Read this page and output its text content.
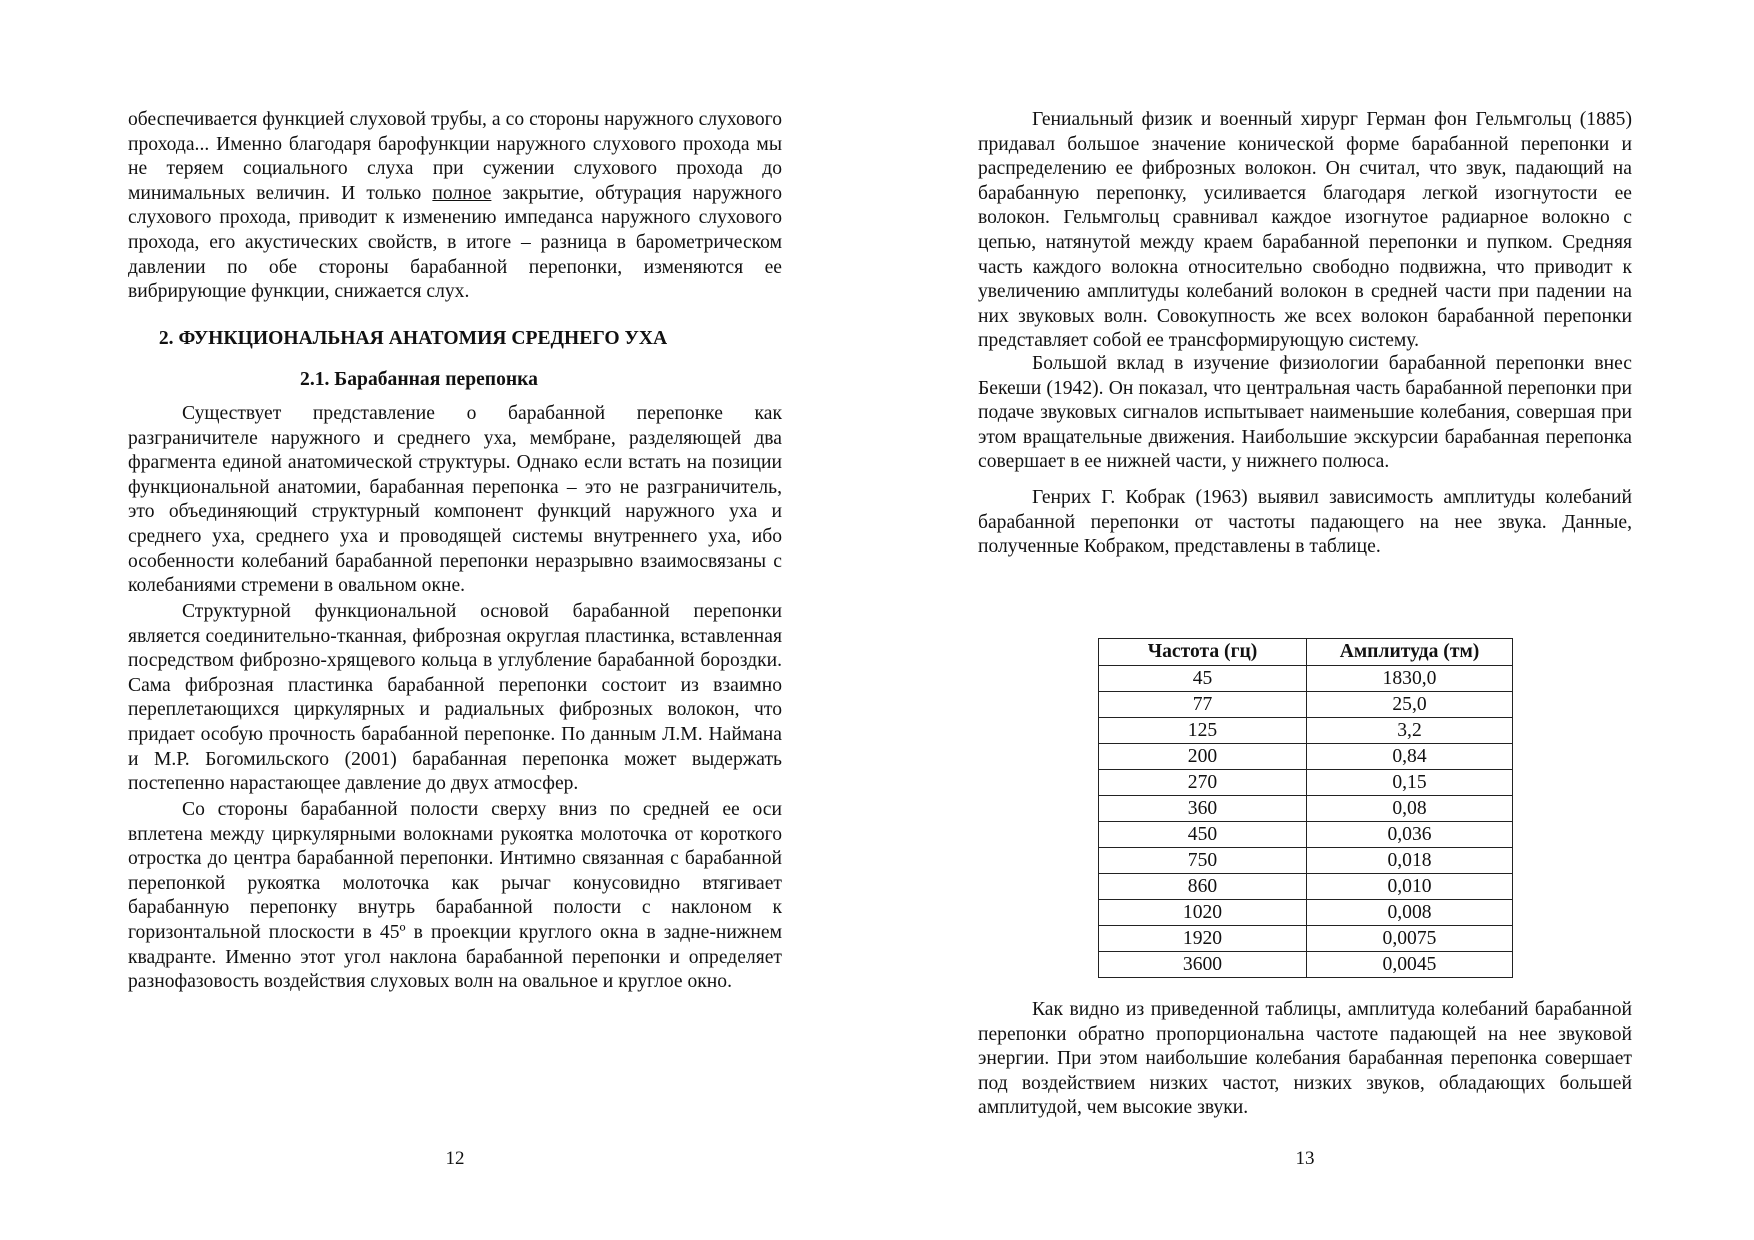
обеспечивается функцией слуховой трубы, а со стороны наружного слухового прохода... Именно благодаря барофункции наружного слухового прохода мы не теряем социального слуха при сужении слухового прохода до минимальных величин. И только полное закрытие, обтурация наружного слухового прохода, приводит к изменению импеданса наружного слухового прохода, его акустических свойств, в итоге – разница в барометрическом давлении по обе стороны барабанной перепонки, изменяются ее вибрирующие функции, снижается слух.

2. ФУНКЦИОНАЛЬНАЯ АНАТОМИЯ СРЕДНЕГО УХА
2.1. Барабанная перепонка

Существует представление о барабанной перепонке как разграничителе наружного и среднего уха, мембране, разделяющей два фрагмента единой анатомической структуры. Однако если встать на позиции функциональной анатомии, барабанная перепонка – это не разграничитель, это объединяющий структурный компонент функций наружного уха и среднего уха, среднего уха и проводящей системы внутреннего уха, ибо особенности колебаний барабанной перепонки неразрывно взаимосвязаны с колебаниями стремени в овальном окне.

Структурной функциональной основой барабанной перепонки является соединительно-тканная, фиброзная округлая пластинка, вставленная посредством фиброзно-хрящевого кольца в углубление барабанной бороздки. Сама фиброзная пластинка барабанной перепонки состоит из взаимно переплетающихся циркулярных и радиальных фиброзных волокон, что придает особую прочность барабанной перепонке. По данным Л.М. Наймана и М.Р. Богомильского (2001) барабанная перепонка может выдержать постепенно нарастающее давление до двух атмосфер.

Со стороны барабанной полости сверху вниз по средней ее оси вплетена между циркулярными волокнами рукоятка молоточка от короткого отростка до центра барабанной перепонки. Интимно связанная с барабанной перепонкой рукоятка молоточка как рычаг конусовидно втягивает барабанную перепонку внутрь барабанной полости с наклоном к горизонтальной плоскости в 45º в проекции круглого окна в задне-нижнем квадранте. Именно этот угол наклона барабанной перепонки и определяет разнофазовость воздействия слуховых волн на овальное и круглое окно.

12

Гениальный физик и военный хирург Герман фон Гельмгольц (1885) придавал большое значение конической форме барабанной перепонки и распределению ее фиброзных волокон. Он считал, что звук, падающий на барабанную перепонку, усиливается благодаря легкой изогнутости ее волокон. Гельмгольц сравнивал каждое изогнутое радиарное волокно с цепью, натянутой между краем барабанной перепонки и пупком. Средняя часть каждого волокна относительно свободно подвижна, что приводит к увеличению амплитуды колебаний волокон в средней части при падении на них звуковых волн. Совокупность же всех волокон барабанной перепонки представляет собой ее трансформирующую систему.

Большой вклад в изучение физиологии барабанной перепонки внес Бекеши (1942). Он показал, что центральная часть барабанной перепонки при подаче звуковых сигналов испытывает наименьшие колебания, совершая при этом вращательные движения. Наибольшие экскурсии барабанная перепонка совершает в ее нижней части, у нижнего полюса.

Генрих Г. Кобрак (1963) выявил зависимость амплитуды колебаний барабанной перепонки от частоты падающего на нее звука. Данные, полученные Кобраком, представлены в таблице.

Частота (гц)	Амплитуда (тм)
45	1830,0
77	25,0
125	3,2
200	0,84
270	0,15
360	0,08
450	0,036
750	0,018
860	0,010
1020	0,008
1920	0,0075
3600	0,0045

Как видно из приведенной таблицы, амплитуда колебаний барабанной перепонки обратно пропорциональна частоте падающей на нее звуковой энергии. При этом наибольшие колебания барабанная перепонка совершает под воздействием низких частот, низких звуков, обладающих большей амплитудой, чем высокие звуки.

13
